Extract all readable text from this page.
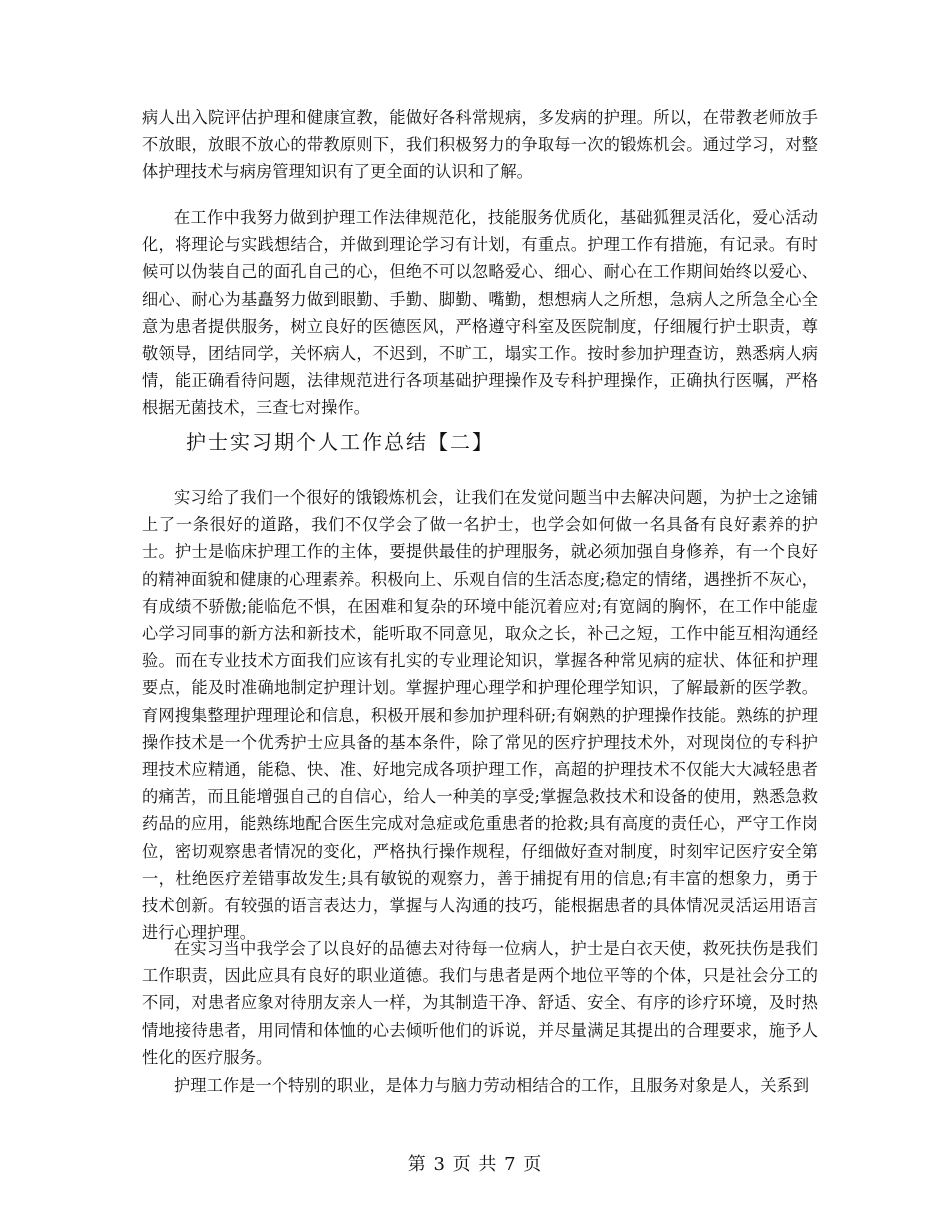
病人出入院评估护理和健康宣教，能做好各科常规病，多发病的护理。所以，在带教老师放手不放眼，放眼不放心的带教原则下，我们积极努力的争取每一次的锻炼机会。通过学习，对整体护理技术与病房管理知识有了更全面的认识和了解。

在工作中我努力做到护理工作法律规范化，技能服务优质化，基础狐狸灵活化，爱心活动化，将理论与实践想结合，并做到理论学习有计划，有重点。护理工作有措施，有记录。有时候可以伪装自己的面孔自己的心，但绝不可以忽略爱心、细心、耐心在工作期间始终以爱心、细心、耐心为基矗努力做到眼勤、手勤、脚勤、嘴勤，想想病人之所想，急病人之所急全心全意为患者提供服务，树立良好的医德医风，严格遵守科室及医院制度，仔细履行护士职责，尊敬领导，团结同学，关怀病人，不迟到，不旷工，塌实工作。按时参加护理查访，熟悉病人病情，能正确看待问题，法律规范进行各项基础护理操作及专科护理操作，正确执行医嘱，严格根据无菌技术，三查七对操作。

护士实习期个人工作总结【二】

实习给了我们一个很好的饿锻炼机会，让我们在发觉问题当中去解决问题，为护士之途铺上了一条很好的道路，我们不仅学会了做一名护士，也学会如何做一名具备有良好素养的护士。护士是临床护理工作的主体，要提供最佳的护理服务，就必须加强自身修养，有一个良好的精神面貌和健康的心理素养。积极向上、乐观自信的生活态度;稳定的情绪，遇挫折不灰心，有成绩不骄傲;能临危不惧，在困难和复杂的环境中能沉着应对;有宽阔的胸怀，在工作中能虚心学习同事的新方法和新技术，能听取不同意见，取众之长，补己之短，工作中能互相沟通经验。而在专业技术方面我们应该有扎实的专业理论知识，掌握各种常见病的症状、体征和护理要点，能及时准确地制定护理计划。掌握护理心理学和护理伦理学知识，了解最新的医学教。育网搜集整理护理理论和信息，积极开展和参加护理科研;有娴熟的护理操作技能。熟练的护理操作技术是一个优秀护士应具备的基本条件，除了常见的医疗护理技术外，对现岗位的专科护理技术应精通，能稳、快、准、好地完成各项护理工作，高超的护理技术不仅能大大减轻患者的痛苦，而且能增强自己的自信心，给人一种美的享受;掌握急救技术和设备的使用，熟悉急救药品的应用，能熟练地配合医生完成对急症或危重患者的抢救;具有高度的责任心，严守工作岗位，密切观察患者情况的变化，严格执行操作规程，仔细做好查对制度，时刻牢记医疗安全第一，杜绝医疗差错事故发生;具有敏锐的观察力，善于捕捉有用的信息;有丰富的想象力，勇于技术创新。有较强的语言表达力，掌握与人沟通的技巧，能根据患者的具体情况灵活运用语言进行心理护理。

在实习当中我学会了以良好的品德去对待每一位病人，护士是白衣天使，救死扶伤是我们工作职责，因此应具有良好的职业道德。我们与患者是两个地位平等的个体，只是社会分工的不同，对患者应象对待朋友亲人一样，为其制造干净、舒适、安全、有序的诊疗环境，及时热情地接待患者，用同情和体恤的心去倾听他们的诉说，并尽量满足其提出的合理要求，施予人性化的医疗服务。

护理工作是一个特别的职业，是体力与脑力劳动相结合的工作，且服务对象是人，关系到

第 3 页 共 7 页
